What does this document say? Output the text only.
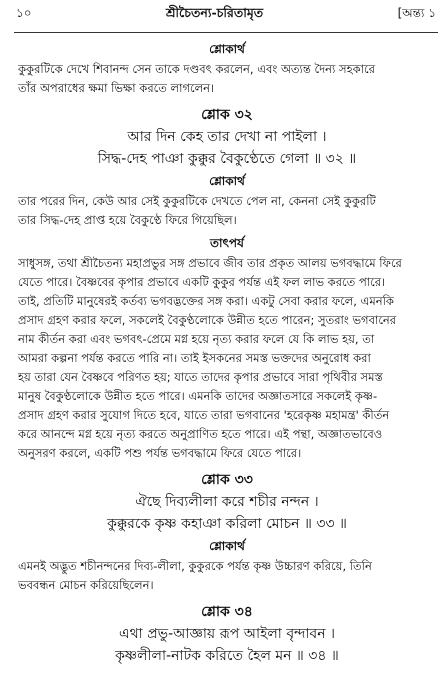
১০	শ্রীচৈতন্য-চরিতামৃত	[অন্ত্য ১
শ্লোকার্থ
কুকুরটিকে দেখে শিবানন্দ সেন তাকে দণ্ডবৎ করলেন, এবং অত্যন্ত দৈন্য সহকারে
তাঁর অপরাধের ক্ষমা ভিক্ষা করতে লাগলেন।
শ্লোক ৩২
আর দিন কেহ তার দেখা না পাইলা ।
সিদ্ধ-দেহ পাঞা কুক্কুর বৈকুণ্ঠেতে গেলা ॥ ৩২ ॥
শ্লোকার্থ
তার পরের দিন, কেউ আর সেই কুকুরটিকে দেখতে পেল না, কেননা সেই কুকুরটি
তার সিদ্ধ-দেহ প্রাপ্ত হয়ে বৈকুণ্ঠে ফিরে গিয়েছিল।
তাৎপর্য
সাধুসঙ্গ, তথা শ্রীচৈতন্য মহাপ্রভুর সঙ্গ প্রভাবে জীব তার প্রকৃত আলয় ভগবদ্ধামে ফিরে
যেতে পারে। বৈষ্ণবের কৃপার প্রভাবে একটি কুকুর পর্যন্ত এই ফল লাভ করতে পারে।
তাই, প্রতিটি মানুষেরই কর্তব্য ভগবদ্ভক্তের সঙ্গ করা। একটু সেবা করার ফলে, এমনকি
প্রসাদ গ্রহণ করার ফলে, সকলেই বৈকুণ্ঠলোকে উন্নীত হতে পারেন; সুতরাং ভগবানের
নাম কীর্তন করা এবং ভগবৎ-প্রেমে মগ্ন হয়ে নৃত্য করার ফলে যে কি লাভ হয়, তা
আমরা কল্পনা পর্যন্ত করতে পারি না। তাই ইসকনের সমস্ত ভক্তদের অনুরোধ করা
হয় তারা যেন বৈষ্ণবে পরিণত হয়; যাতে তাদের কৃপার প্রভাবে সারা পৃথিবীর সমস্ত
মানুষ বৈকুণ্ঠলোকে উন্নীত হতে পারে। এমনকি তাদের অজ্ঞাতসারে সকলেই কৃষ্ণ-
প্রসাদ গ্রহণ করার সুযোগ দিতে হবে, যাতে তারা ভগবানের 'হরেকৃষ্ণ মহামন্ত্র' কীর্তন
করে আনন্দে মগ্ন হয়ে নৃত্য করতে অনুপ্রাণিত হতে পারে। এই পন্থা, অজ্ঞাতভাবেও
অনুসরণ করলে, একটি পশু পর্যন্ত ভগবদ্ধামে ফিরে যেতে পারে।
শ্লোক ৩৩
ঐছে দিব্যলীলা করে শচীর নন্দন ।
কুক্কুরকে কৃষ্ণ কহাঞা করিলা মোচন ॥ ৩৩ ॥
শ্লোকার্থ
এমনই অদ্ভুত শচীনন্দনের দিব্য-লীলা, কুকুরকে পর্যন্ত কৃষ্ণ উচ্চারণ করিয়ে, তিনি
ভববন্ধন মোচন করিয়েছিলেন।
শ্লোক ৩৪
এথা প্রভু-আজ্ঞায় রূপ আইলা বৃন্দাবন ।
কৃষ্ণলীলা-নাটক করিতে হৈল মন ॥ ৩৪ ॥
